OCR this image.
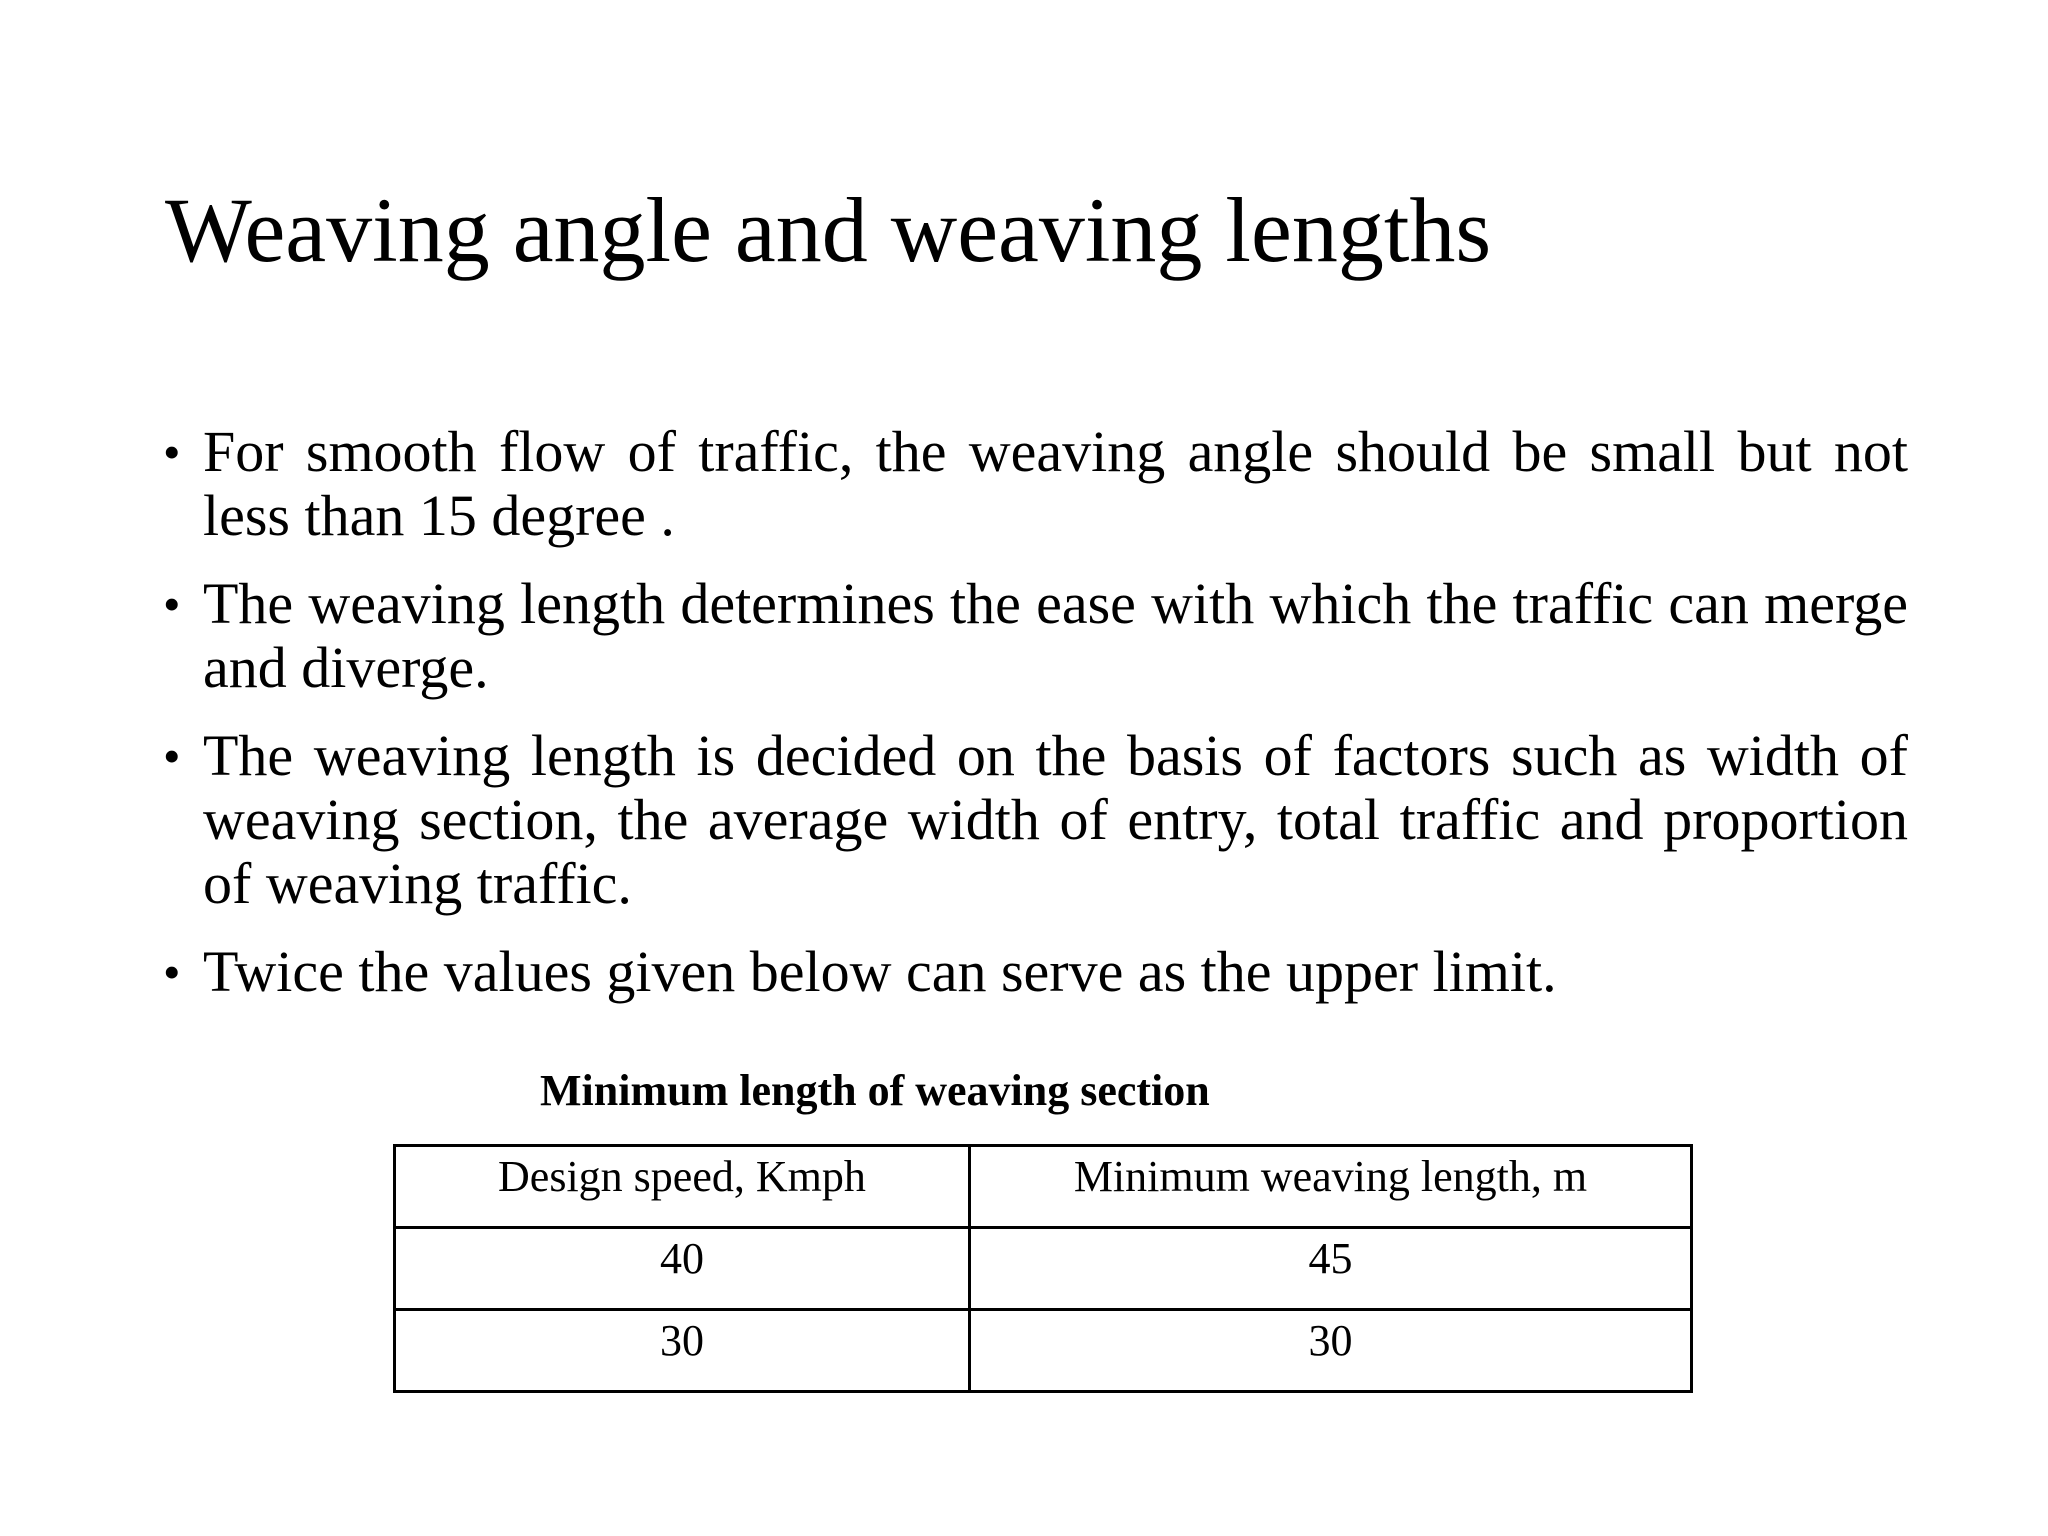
Weaving angle and weaving lengths
• For smooth flow of traffic, the weaving angle should be small but not less than 15 degree .
• The weaving length determines the ease with which the traffic can merge and diverge.
• The weaving length is decided on the basis of factors such as width of weaving section, the average width of entry, total traffic and proportion of weaving traffic.
• Twice the values given below can serve as the upper limit.

Minimum length of weaving section

Design speed, Kmph	Minimum weaving length, m

40	45

30	30
